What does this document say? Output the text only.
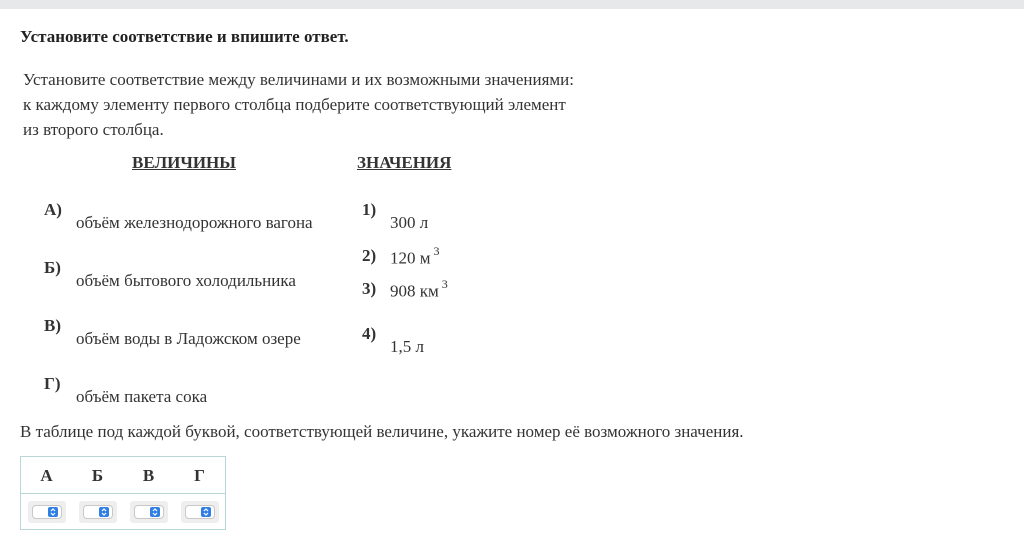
Установите соответствие и впишите ответ.
Установите соответствие между величинами и их возможными значениями:
к каждому элементу первого столбца подберите соответствующий элемент
из второго столбца.
ВЕЛИЧИНЫ	ЗНАЧЕНИЯ
А)
объём железнодорожного вагона
Б)
объём бытового холодильника
В)
объём воды в Ладожском озере
Г)
объём пакета сока
1)
300 л
2) 120 м $^3$
3) 908 км $^3$
4)
1,5 л
В таблице под каждой буквой, соответствующей величине, укажите номер её возможного значения.
А	Б	В	Г
